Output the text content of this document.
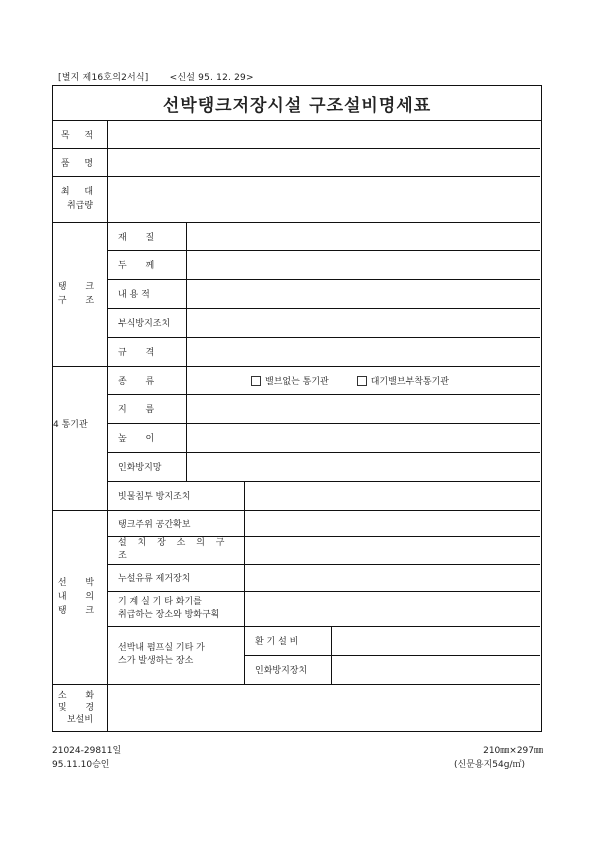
[별지 제16호의2서식] <신설 95. 12. 29>
선박탱크저장시설 구조설비명세표
목 적
품 명
최 대
취급량
탱 크
구 조
재 질
두 께
내 용 적
부식방지조치
규 격
4 통기관
종 류	밸브없는 통기관	대기밸브부착통기관
지 름
높 이
인화방지망
빗물침투 방지조치
선 박
내 의
탱 크
탱크주위 공간확보
설 치 장 소 의 구 조
누설유류 제거장치
기 계 실 기 타 화기를
취급하는 장소와 방화구획
선박내 펌프실 기타 가
스가 발생하는 장소
환 기 설 비
인화방지장치
소 화
및 경
보설비
21024-29811일
95.11.10승인
210㎜×297㎜
(신문용지54g/㎡)
